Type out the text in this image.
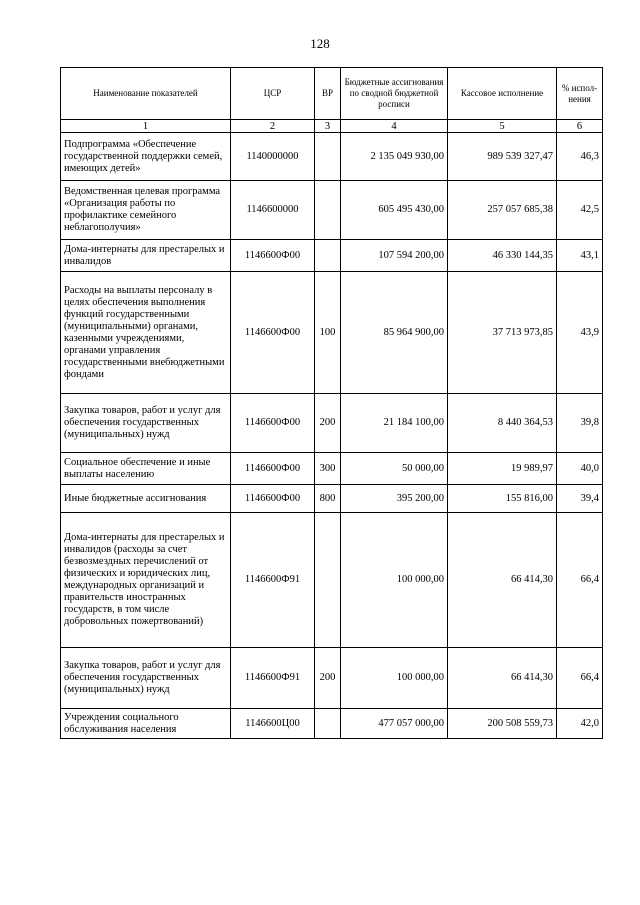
128
Наименование показателей	ЦСР	ВР	Бюджетные ассигнования по сводной бюджетной росписи	Кассовое исполнение	% испол-нения
1	2	3	4	5	6
Подпрограмма «Обеспечение государственной поддержки семей, имеющих детей»	1140000000		2 135 049 930,00	989 539 327,47	46,3
Ведомственная целевая программа «Организация работы по профилактике семейного неблагополучия»	1146600000		605 495 430,00	257 057 685,38	42,5
Дома-интернаты для престарелых и инвалидов	1146600Ф00		107 594 200,00	46 330 144,35	43,1
Расходы на выплаты персоналу в целях обеспечения выполнения функций государственными (муниципальными) органами, казенными учреждениями, органами управления государственными внебюджетными фондами	1146600Ф00	100	85 964 900,00	37 713 973,85	43,9
Закупка товаров, работ и услуг для обеспечения государственных (муниципальных) нужд	1146600Ф00	200	21 184 100,00	8 440 364,53	39,8
Социальное обеспечение и иные выплаты населению	1146600Ф00	300	50 000,00	19 989,97	40,0
Иные бюджетные ассигнования	1146600Ф00	800	395 200,00	155 816,00	39,4
Дома-интернаты для престарелых и инвалидов (расходы за счет безвозмездных перечислений от физических и юридических лиц, международных организаций и правительств иностранных государств, в том числе добровольных пожертвований)	1146600Ф91		100 000,00	66 414,30	66,4
Закупка товаров, работ и услуг для обеспечения государственных (муниципальных) нужд	1146600Ф91	200	100 000,00	66 414,30	66,4
Учреждения социального обслуживания населения	1146600Ц00		477 057 000,00	200 508 559,73	42,0
